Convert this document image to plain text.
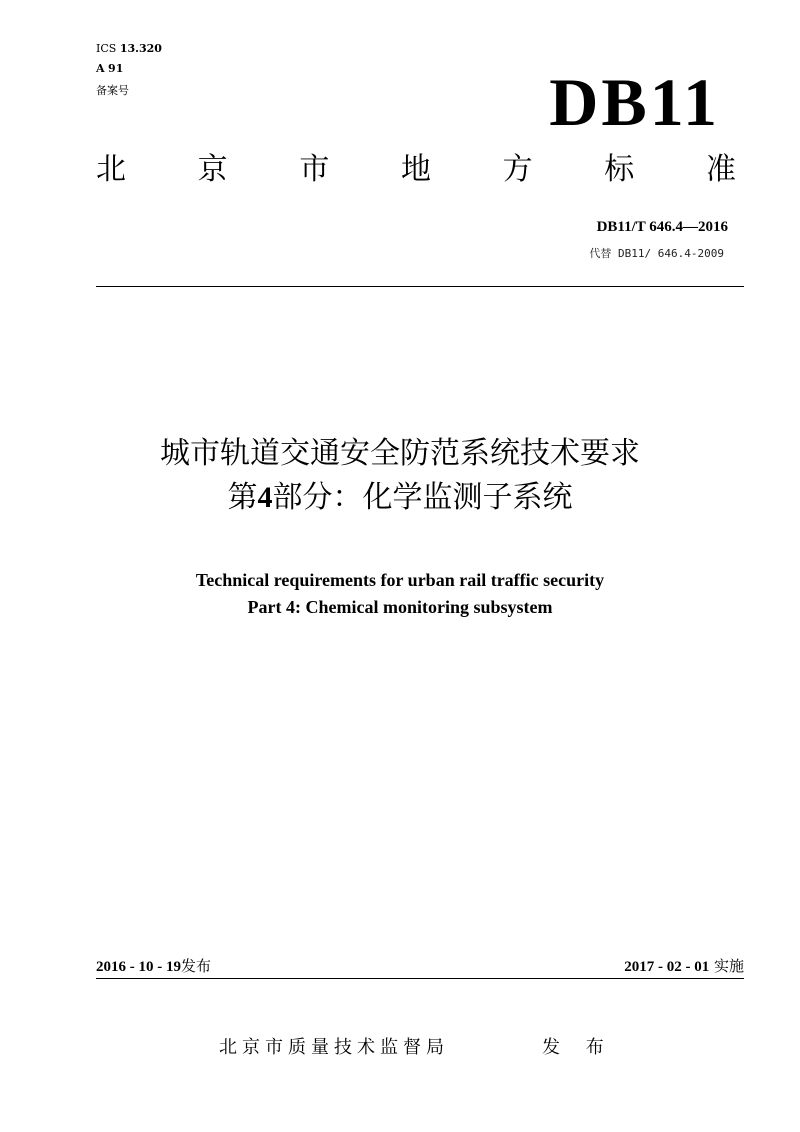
ICS 13.320
A 91
备案号	DB11
北 京 市 地 方 标 准
DB11/T 646.4—2016
代替 DB11/ 646.4-2009
城市轨道交通安全防范系统技术要求
第4部分：化学监测子系统
Technical requirements for urban rail traffic security
Part 4: Chemical monitoring subsystem
2016 - 10 - 19发布	2017 - 02 - 01 实施
北京市质量技术监督局	发 布
